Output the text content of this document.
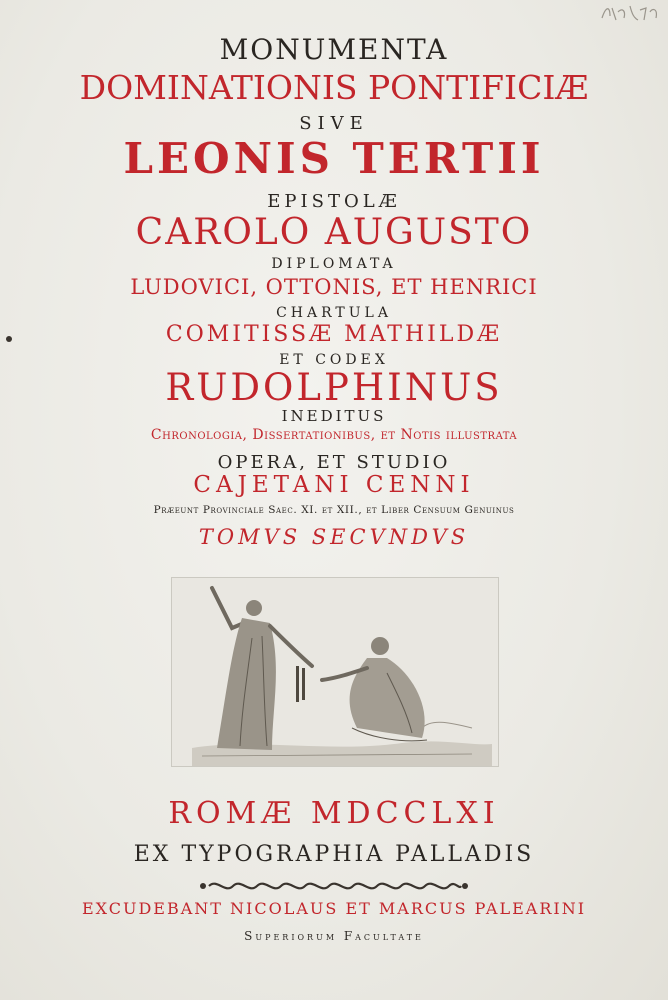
MONUMENTA

DOMINATIONIS PONTIFICIÆ

SIVE

LEONIS TERTII

EPISTOLÆ

CAROLO AUGUSTO

DIPLOMATA

LUDOVICI, OTTONIS, ET HENRICI

CHARTULA

COMITISSÆ MATHILDÆ

ET CODEX

RUDOLPHINUS

INEDITUS

Chronologia, Dissertationibus, et Notis illustrata

OPERA, ET STUDIO

CAJETANI CENNI

Præeunt Provinciale Saec. XI. et XII., et Liber Censuum Genuinus

TOMVS SECVNDVS

ROMÆ MDCCLXI

EX TYPOGRAPHIA PALLADIS

EXCUDEBANT NICOLAUS ET MARCUS PALEARINI

Superiorum Facultate
